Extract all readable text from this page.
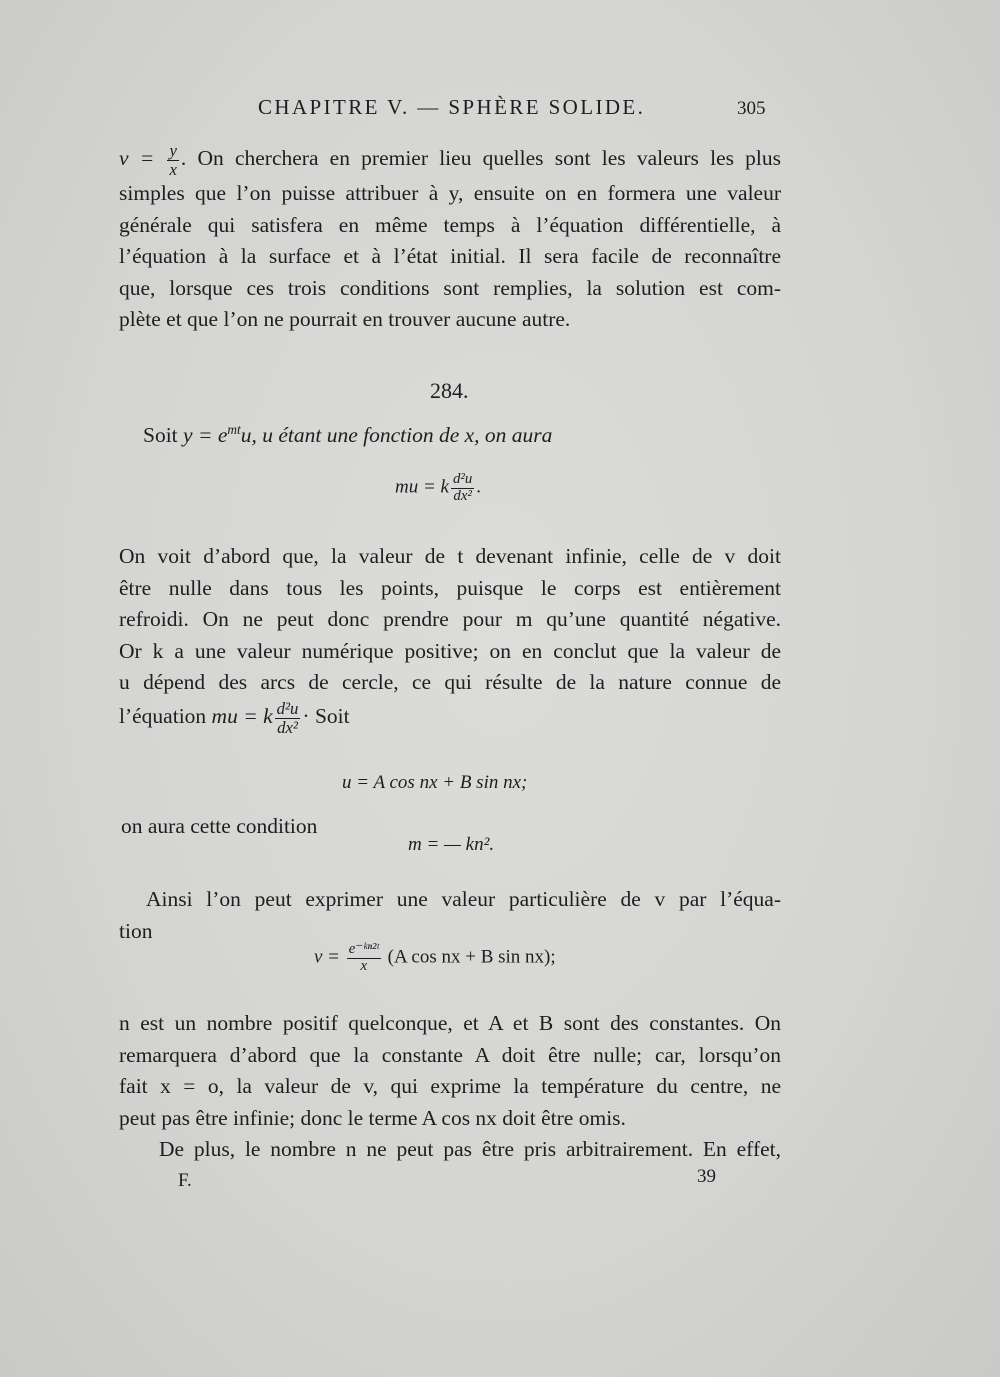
CHAPITRE V. — SPHÈRE SOLIDE.	305
$v = \frac{y}{x}$ . On cherchera en premier lieu quelles sont les valeurs les plus
simples que l’on puisse attribuer à y, ensuite on en formera une valeur
générale qui satisfera en même temps à l’équation différentielle, à
l’équation à la surface et à l’état initial. Il sera facile de reconnaître
que, lorsque ces trois conditions sont remplies, la solution est com-
plète et que l’on ne pourrait en trouver aucune autre.
284.
Soit $y = e^{mt}u$, u étant une fonction de x, on aura
mu = k $\frac{\text{d²u}}{\text{dx²}}$ .
On voit d’abord que, la valeur de t devenant infinie, celle de v doit
être nulle dans tous les points, puisque le corps est entièrement
refroidi. On ne peut donc prendre pour m qu’une quantité négative.
Or k a une valeur numérique positive; on en conclut que la valeur de
u dépend des arcs de cercle, ce qui résulte de la nature connue de
l’équation mu = k $\frac{\text{d²u}}{\text{dx²}}$ · Soit
u = A cos nx + B sin nx;
on aura cette condition
m = — kn².
Ainsi l’on peut exprimer une valeur particulière de v par l’équa-
tion
$v = \frac{\text{e⁻ᵏⁿ²ᵗ}}{x} (A$ cos nx + B sin nx);
n est un nombre positif quelconque, et A et B sont des constantes. On
remarquera d’abord que la constante A doit être nulle; car, lorsqu’on
fait x = o, la valeur de v, qui exprime la température du centre, ne
peut pas être infinie; donc le terme A cos nx doit être omis.
De plus, le nombre n ne peut pas être pris arbitrairement. En effet,
F.	39
